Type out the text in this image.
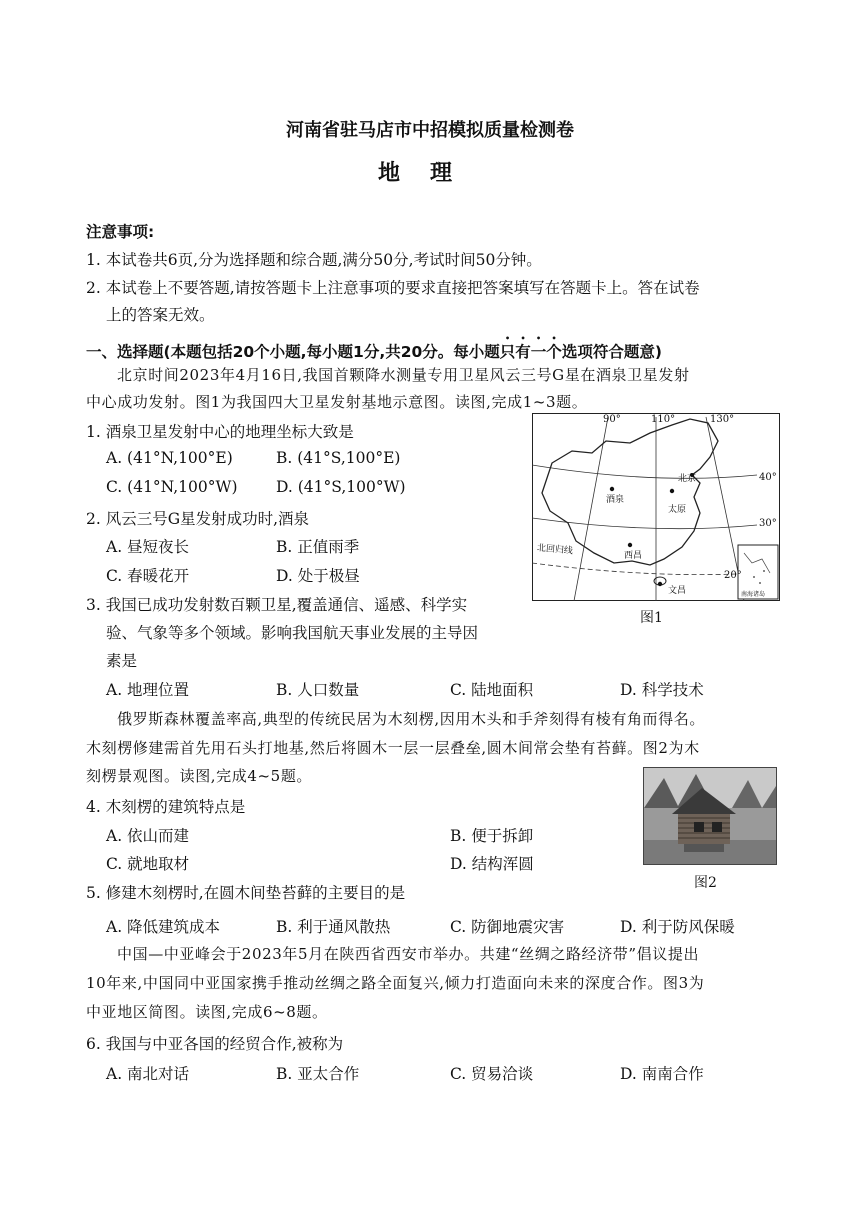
河南省驻马店市中招模拟质量检测卷
地理
注意事项:
1. 本试卷共6页,分为选择题和综合题,满分50分,考试时间50分钟。
2. 本试卷上不要答题,请按答题卡上注意事项的要求直接把答案填写在答题卡上。答在试卷
上的答案无效。
一、选择题(本题包括20个小题,每小题1分,共20分。每小题只有一个选项符合题意)
北京时间2023年4月16日,我国首颗降水测量专用卫星风云三号G星在酒泉卫星发射
中心成功发射。图1为我国四大卫星发射基地示意图。读图,完成1~3题。
1. 酒泉卫星发射中心的地理坐标大致是
A. (41°N,100°E)	B. (41°S,100°E)
C. (41°N,100°W) D. (41°S,100°W)
2. 风云三号G星发射成功时,酒泉
A. 昼短夜长	B. 正值雨季
C. 春暖花开	D. 处于极昼
3. 我国已成功发射数百颗卫星,覆盖通信、遥感、科学实
验、气象等多个领域。影响我国航天事业发展的主导因
素是
A. 地理位置	B. 人口数量	C. 陆地面积	D. 科学技术
90°	110°	130°
40°
30°
20°
北京
酒泉
太原
西昌
文昌
北回归线
南海诸岛
图1
俄罗斯森林覆盖率高,典型的传统民居为木刻楞,因用木头和手斧刻得有棱有角而得名。
木刻楞修建需首先用石头打地基,然后将圆木一层一层叠垒,圆木间常会垫有苔藓。图2为木
刻楞景观图。读图,完成4~5题。
图2
4. 木刻楞的建筑特点是
A. 依山而建	B. 便于拆卸
C. 就地取材	D. 结构浑圆
5. 修建木刻楞时,在圆木间垫苔藓的主要目的是
A. 降低建筑成本	B. 利于通风散热	C. 防御地震灾害	D. 利于防风保暖
中国—中亚峰会于2023年5月在陕西省西安市举办。共建“丝绸之路经济带”倡议提出
10年来,中国同中亚国家携手推动丝绸之路全面复兴,倾力打造面向未来的深度合作。图3为
中亚地区简图。读图,完成6~8题。
6. 我国与中亚各国的经贸合作,被称为
A. 南北对话	B. 亚太合作	C. 贸易洽谈	D. 南南合作
